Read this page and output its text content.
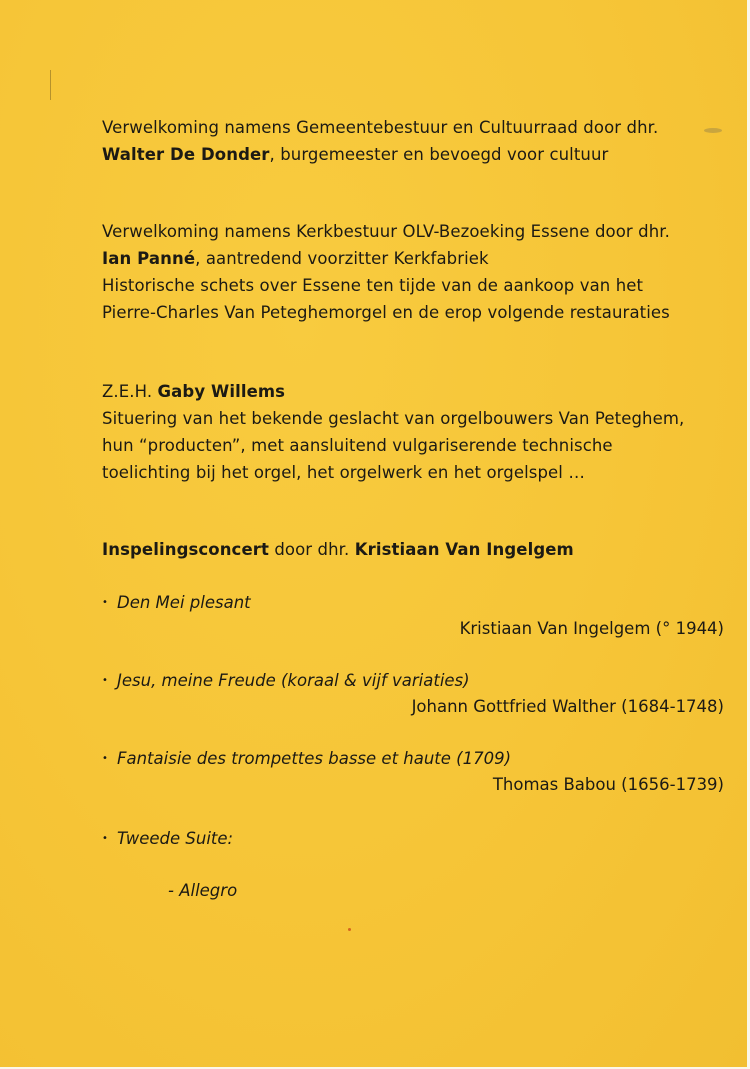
Verwelkoming namens Gemeentebestuur en Cultuurraad door dhr.
Walter De Donder, burgemeester en bevoegd voor cultuur
Verwelkoming namens Kerkbestuur OLV-Bezoeking Essene door dhr.
Ian Panné, aantredend voorzitter Kerkfabriek
Historische schets over Essene ten tijde van de aankoop van het
Pierre-Charles Van Peteghemorgel en de erop volgende restauraties
Z.E.H. Gaby Willems
Situering van het bekende geslacht van orgelbouwers Van Peteghem,
hun “producten”, met aansluitend vulgariserende technische
toelichting bij het orgel, het orgelwerk en het orgelspel …
Inspelingsconcert door dhr. Kristiaan Van Ingelgem
• Den Mei plesant
Kristiaan Van Ingelgem (° 1944)
• Jesu, meine Freude (koraal & vijf variaties)
Johann Gottfried Walther (1684-1748)
• Fantaisie des trompettes basse et haute (1709)
Thomas Babou (1656-1739)
• Tweede Suite:
- Allegro
